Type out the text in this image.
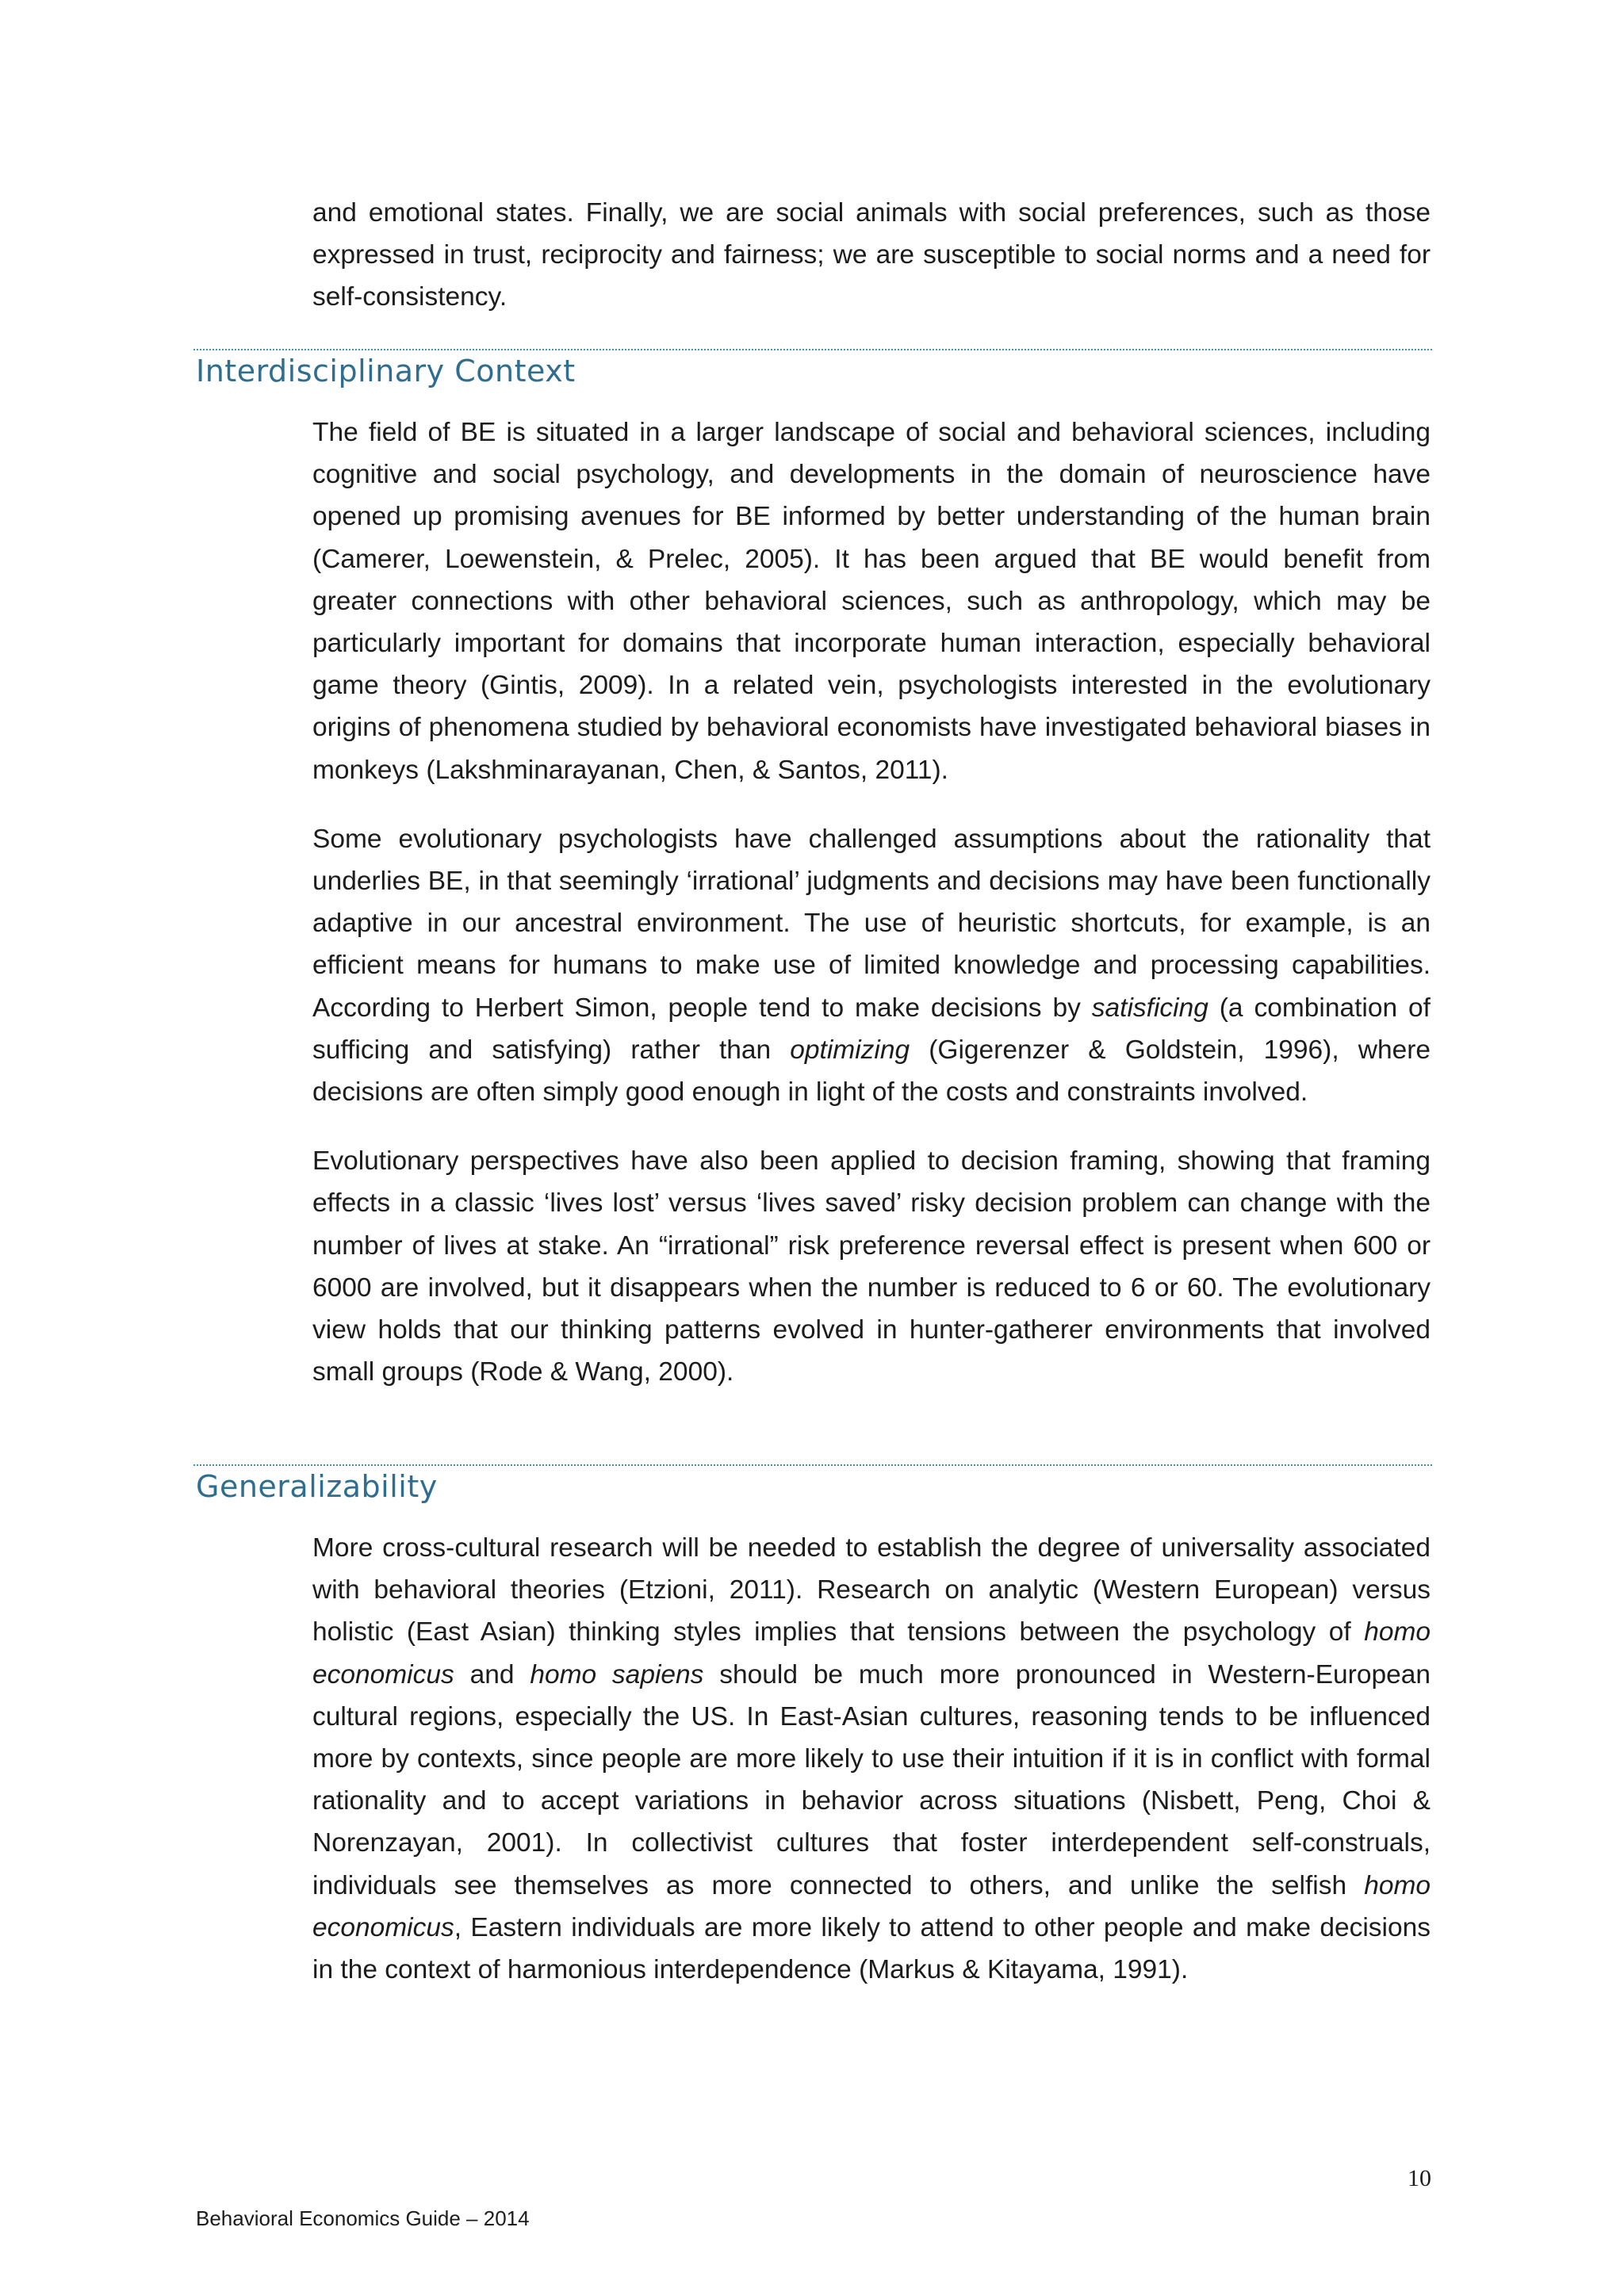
and emotional states. Finally, we are social animals with social preferences, such as those expressed in trust, reciprocity and fairness; we are susceptible to social norms and a need for self-consistency.

Interdisciplinary Context

The field of BE is situated in a larger landscape of social and behavioral sciences, including cognitive and social psychology, and developments in the domain of neuroscience have opened up promising avenues for BE informed by better understanding of the human brain (Camerer, Loewenstein, & Prelec, 2005). It has been argued that BE would benefit from greater connections with other behavioral sciences, such as anthropology, which may be particularly important for domains that incorporate human interaction, especially behavioral game theory (Gintis, 2009). In a related vein, psychologists interested in the evolutionary origins of phenomena studied by behavioral economists have investigated behavioral biases in monkeys (Lakshminarayanan, Chen, & Santos, 2011).

Some evolutionary psychologists have challenged assumptions about the rationality that underlies BE, in that seemingly ‘irrational’ judgments and decisions may have been functionally adaptive in our ancestral environment. The use of heuristic shortcuts, for example, is an efficient means for humans to make use of limited knowledge and processing capabilities. According to Herbert Simon, people tend to make decisions by satisficing (a combination of sufficing and satisfying) rather than optimizing (Gigerenzer & Goldstein, 1996), where decisions are often simply good enough in light of the costs and constraints involved.

Evolutionary perspectives have also been applied to decision framing, showing that framing effects in a classic ‘lives lost’ versus ‘lives saved’ risky decision problem can change with the number of lives at stake. An “irrational” risk preference reversal effect is present when 600 or 6000 are involved, but it disappears when the number is reduced to 6 or 60. The evolutionary view holds that our thinking patterns evolved in hunter-gatherer environments that involved small groups (Rode & Wang, 2000).

Generalizability

More cross-cultural research will be needed to establish the degree of universality associated with behavioral theories (Etzioni, 2011). Research on analytic (Western European) versus holistic (East Asian) thinking styles implies that tensions between the psychology of homo economicus and homo sapiens should be much more pronounced in Western-European cultural regions, especially the US. In East-Asian cultures, reasoning tends to be influenced more by contexts, since people are more likely to use their intuition if it is in conflict with formal rationality and to accept variations in behavior across situations (Nisbett, Peng, Choi & Norenzayan, 2001). In collectivist cultures that foster interdependent self-construals, individuals see themselves as more connected to others, and unlike the selfish homo economicus, Eastern individuals are more likely to attend to other people and make decisions in the context of harmonious interdependence (Markus & Kitayama, 1991).

10
Behavioral Economics Guide – 2014
